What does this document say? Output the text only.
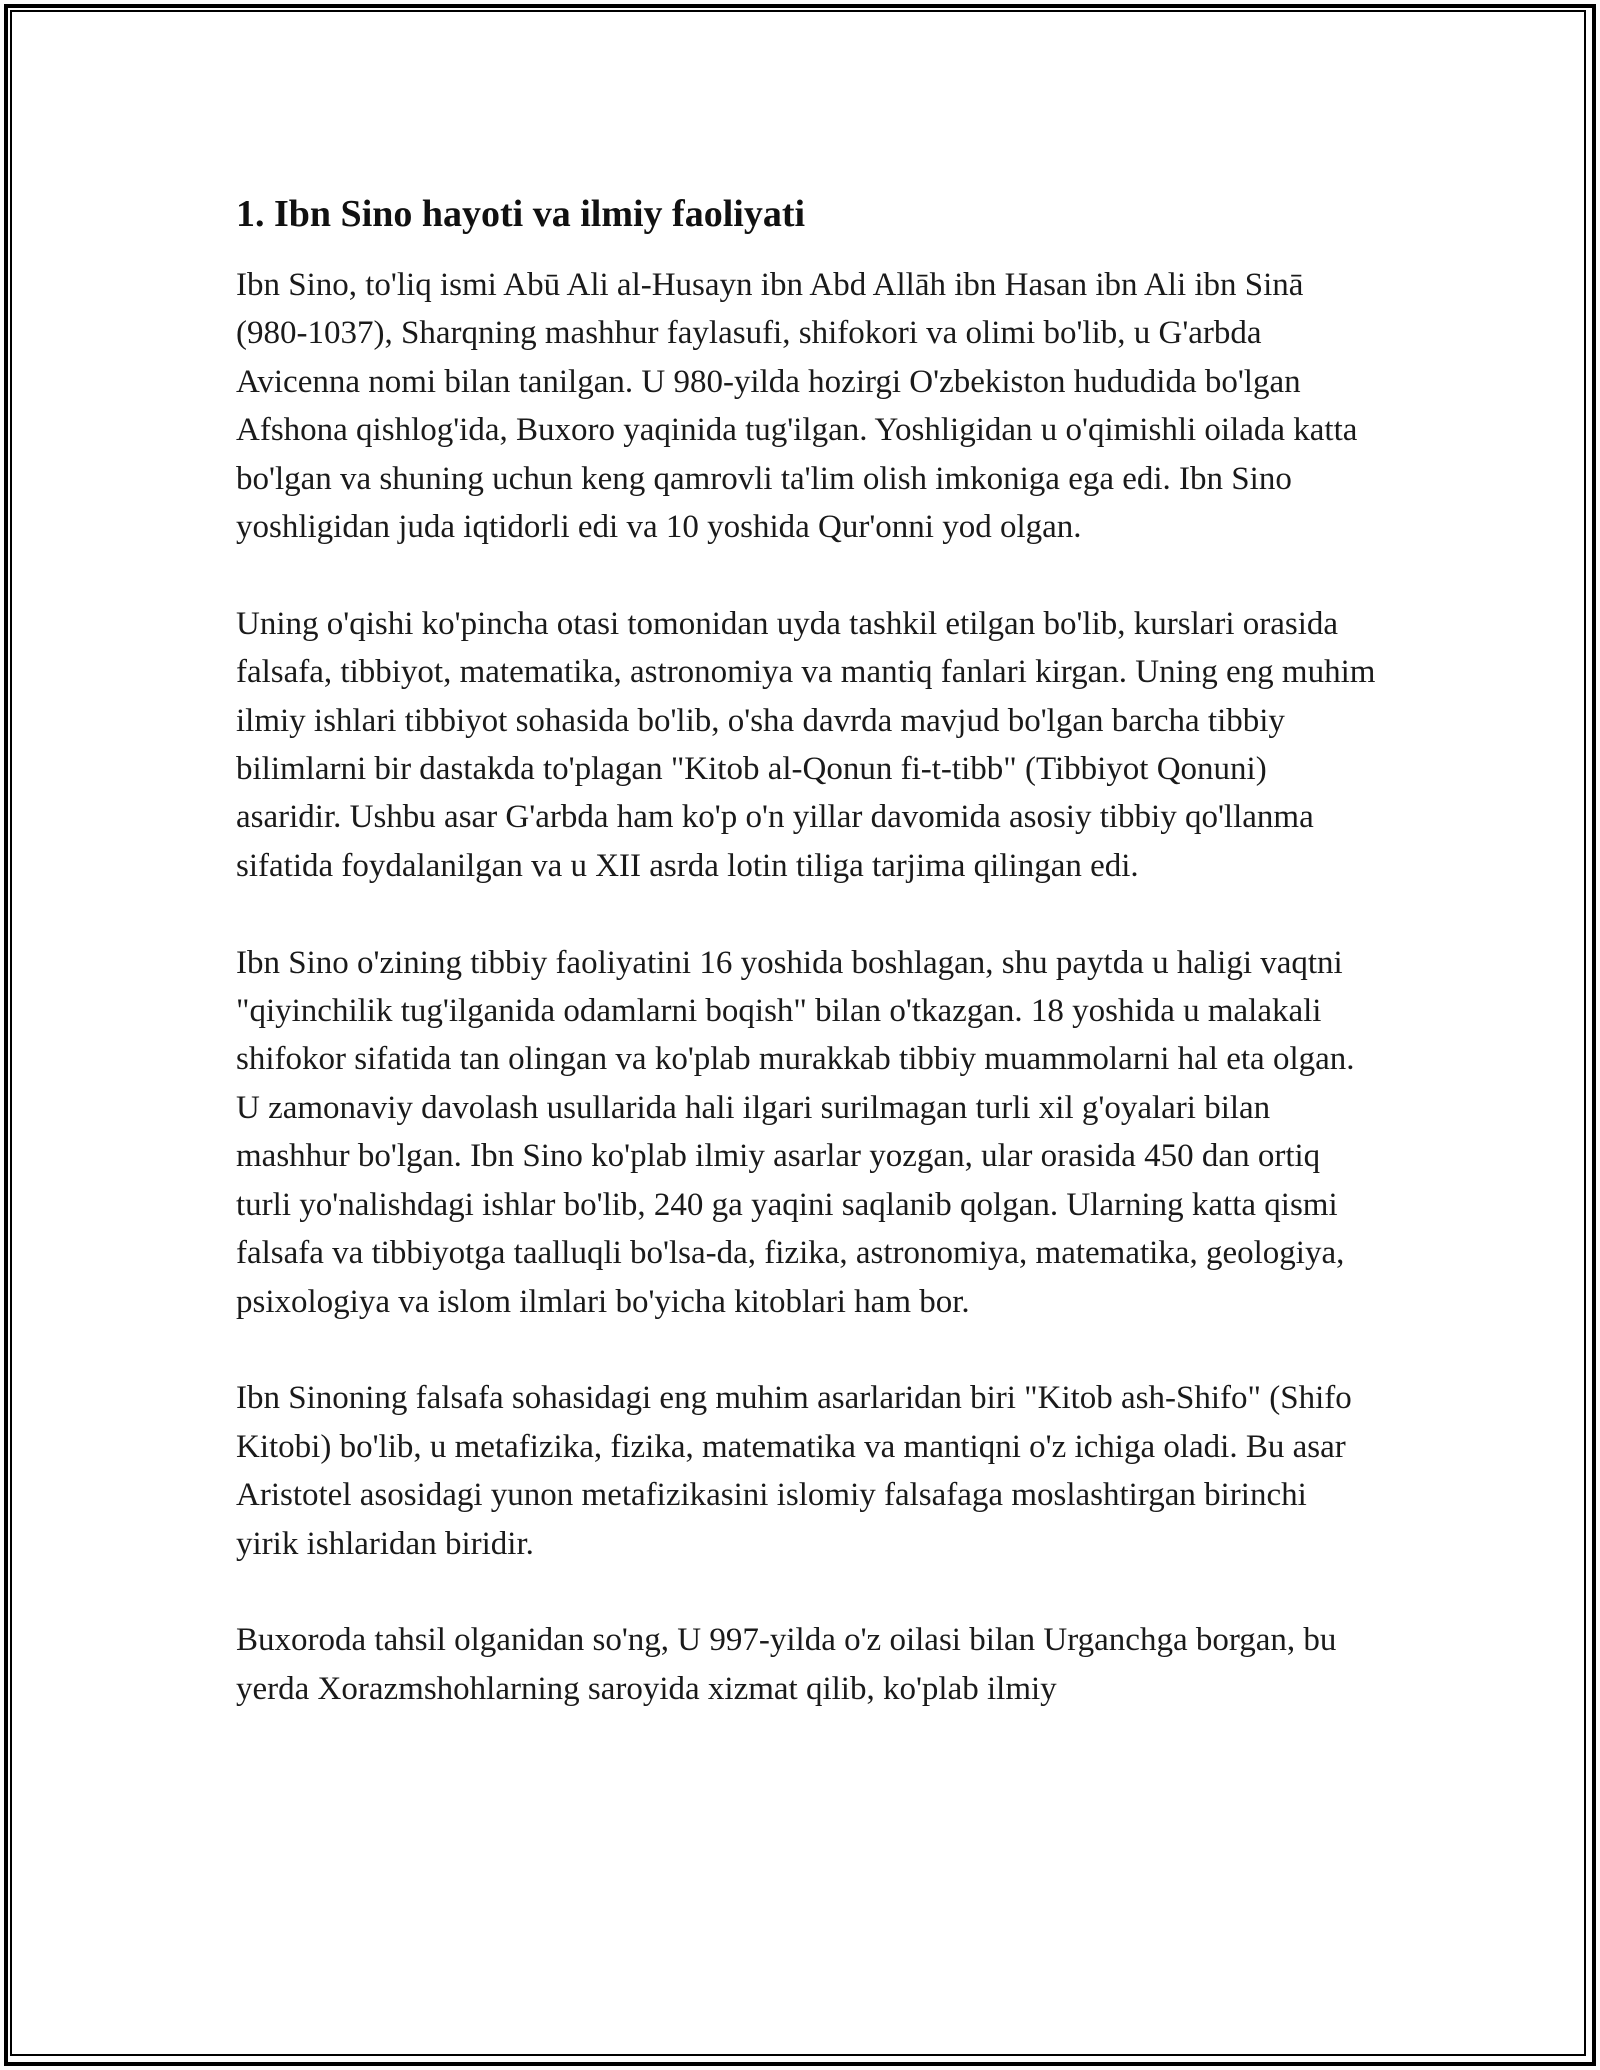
1. Ibn Sino hayoti va ilmiy faoliyati

Ibn Sino, to'liq ismi Abū Ali al-Husayn ibn Abd Allāh ibn Hasan ibn Ali ibn Sinā (980-1037), Sharqning mashhur faylasufi, shifokori va olimi bo'lib, u G'arbda Avicenna nomi bilan tanilgan. U 980-yilda hozirgi O'zbekiston hududida bo'lgan Afshona qishlog'ida, Buxoro yaqinida tug'ilgan. Yoshligidan u o'qimishli oilada katta bo'lgan va shuning uchun keng qamrovli ta'lim olish imkoniga ega edi. Ibn Sino yoshligidan juda iqtidorli edi va 10 yoshida Qur'onni yod olgan.

Uning o'qishi ko'pincha otasi tomonidan uyda tashkil etilgan bo'lib, kurslari orasida falsafa, tibbiyot, matematika, astronomiya va mantiq fanlari kirgan. Uning eng muhim ilmiy ishlari tibbiyot sohasida bo'lib, o'sha davrda mavjud bo'lgan barcha tibbiy bilimlarni bir dastakda to'plagan "Kitob al-Qonun fi-t-tibb" (Tibbiyot Qonuni) asaridir. Ushbu asar G'arbda ham ko'p o'n yillar davomida asosiy tibbiy qo'llanma sifatida foydalanilgan va u XII asrda lotin tiliga tarjima qilingan edi.

Ibn Sino o'zining tibbiy faoliyatini 16 yoshida boshlagan, shu paytda u haligi vaqtni "qiyinchilik tug'ilganida odamlarni boqish" bilan o'tkazgan. 18 yoshida u malakali shifokor sifatida tan olingan va ko'plab murakkab tibbiy muammolarni hal eta olgan. U zamonaviy davolash usullarida hali ilgari surilmagan turli xil g'oyalari bilan mashhur bo'lgan. Ibn Sino ko'plab ilmiy asarlar yozgan, ular orasida 450 dan ortiq turli yo'nalishdagi ishlar bo'lib, 240 ga yaqini saqlanib qolgan. Ularning katta qismi falsafa va tibbiyotga taalluqli bo'lsa-da, fizika, astronomiya, matematika, geologiya, psixologiya va islom ilmlari bo'yicha kitoblari ham bor.

Ibn Sinoning falsafa sohasidagi eng muhim asarlaridan biri "Kitob ash-Shifo" (Shifo Kitobi) bo'lib, u metafizika, fizika, matematika va mantiqni o'z ichiga oladi. Bu asar Aristotel asosidagi yunon metafizikasini islomiy falsafaga moslashtirgan birinchi yirik ishlaridan biridir.

Buxoroda tahsil olganidan so'ng, U 997-yilda o'z oilasi bilan Urganchga borgan, bu yerda Xorazmshohlarning saroyida xizmat qilib, ko'plab ilmiy
